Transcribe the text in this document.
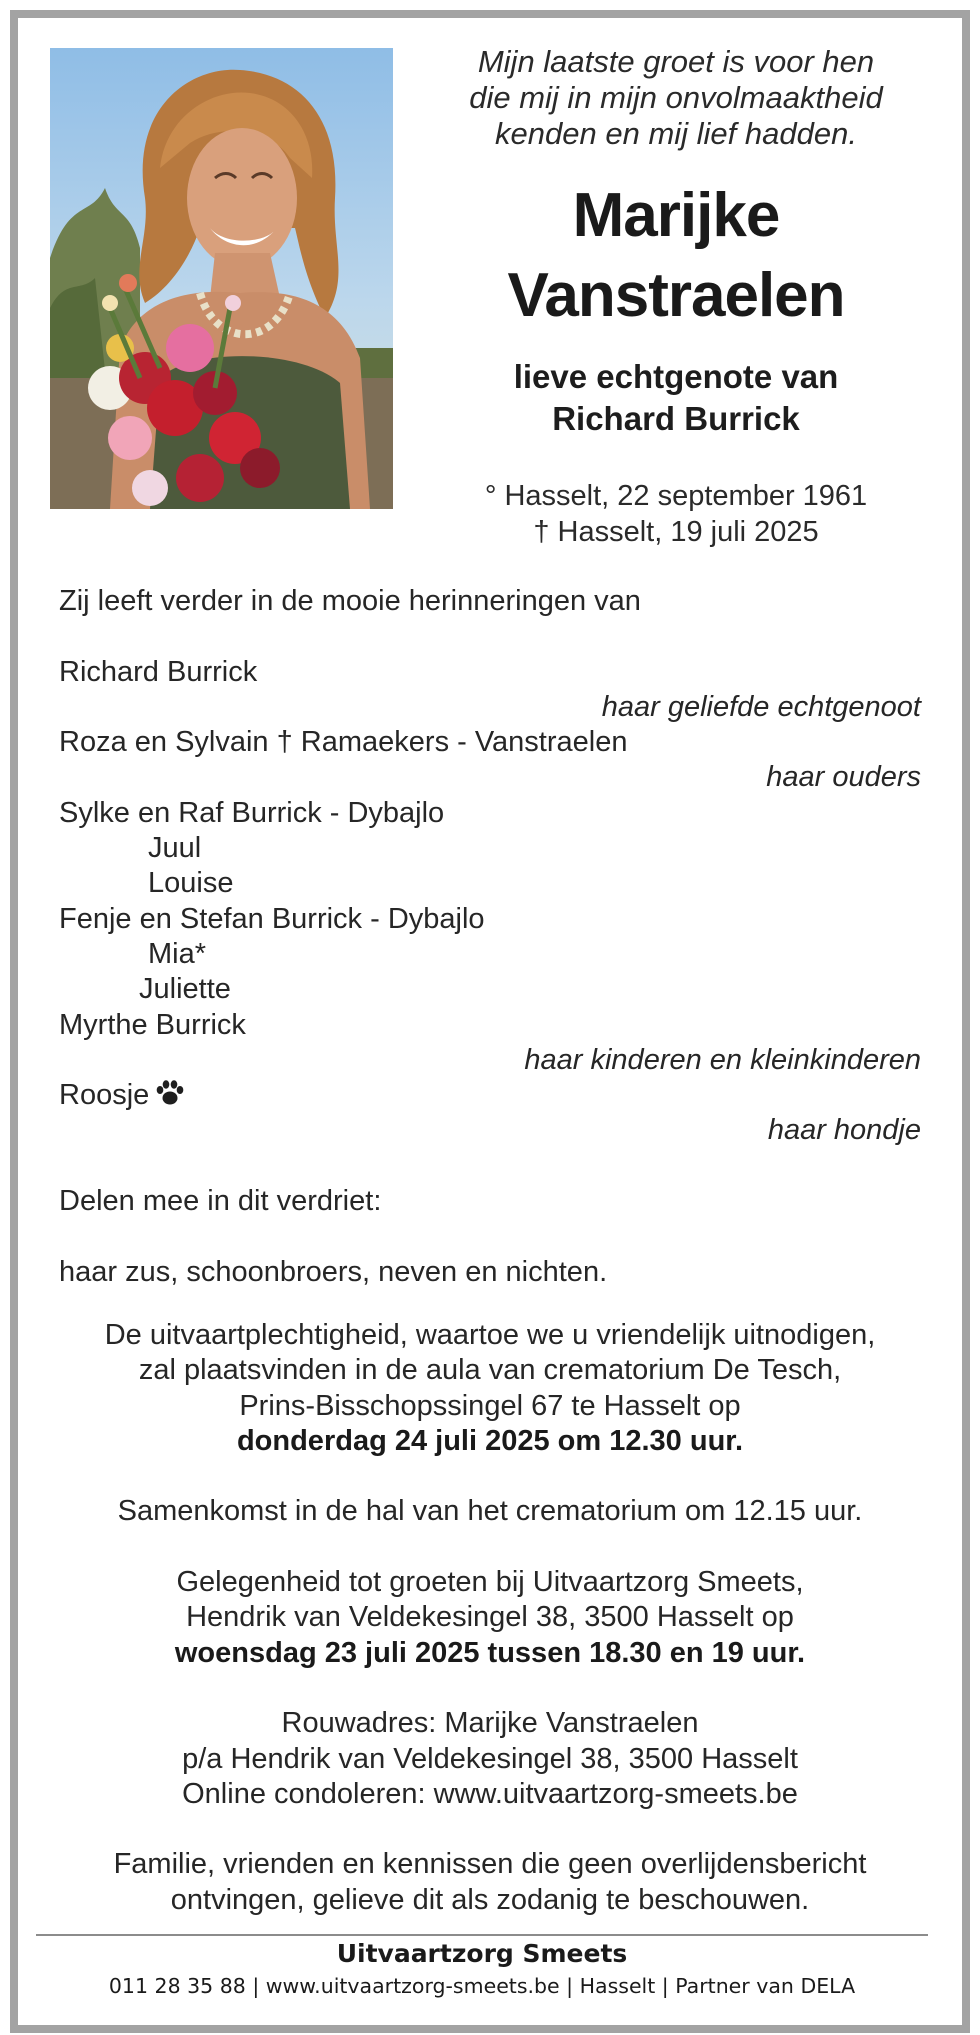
Mijn laatste groet is voor hen
die mij in mijn onvolmaaktheid
kenden en mij lief hadden.
Marijke
Vanstraelen
lieve echtgenote van
Richard Burrick
° Hasselt, 22 september 1961
† Hasselt, 19 juli 2025
Zij leeft verder in de mooie herinneringen van
Richard Burrick
haar geliefde echtgenoot
Roza en Sylvain † Ramaekers - Vanstraelen
haar ouders
Sylke en Raf Burrick - Dybajlo
Juul
Louise
Fenje en Stefan Burrick - Dybajlo
Mia*
Juliette
Myrthe Burrick
haar kinderen en kleinkinderen
Roosje
haar hondje
Delen mee in dit verdriet:
haar zus, schoonbroers, neven en nichten.
De uitvaartplechtigheid, waartoe we u vriendelijk uitnodigen,
zal plaatsvinden in de aula van crematorium De Tesch,
Prins-Bisschopssingel 67 te Hasselt op
donderdag 24 juli 2025 om 12.30 uur.
Samenkomst in de hal van het crematorium om 12.15 uur.
Gelegenheid tot groeten bij Uitvaartzorg Smeets,
Hendrik van Veldekesingel 38, 3500 Hasselt op
woensdag 23 juli 2025 tussen 18.30 en 19 uur.
Rouwadres: Marijke Vanstraelen
p/a Hendrik van Veldekesingel 38, 3500 Hasselt
Online condoleren: www.uitvaartzorg-smeets.be
Familie, vrienden en kennissen die geen overlijdensbericht
ontvingen, gelieve dit als zodanig te beschouwen.
Uitvaartzorg Smeets
011 28 35 88 | www.uitvaartzorg-smeets.be | Hasselt | Partner van DELA
